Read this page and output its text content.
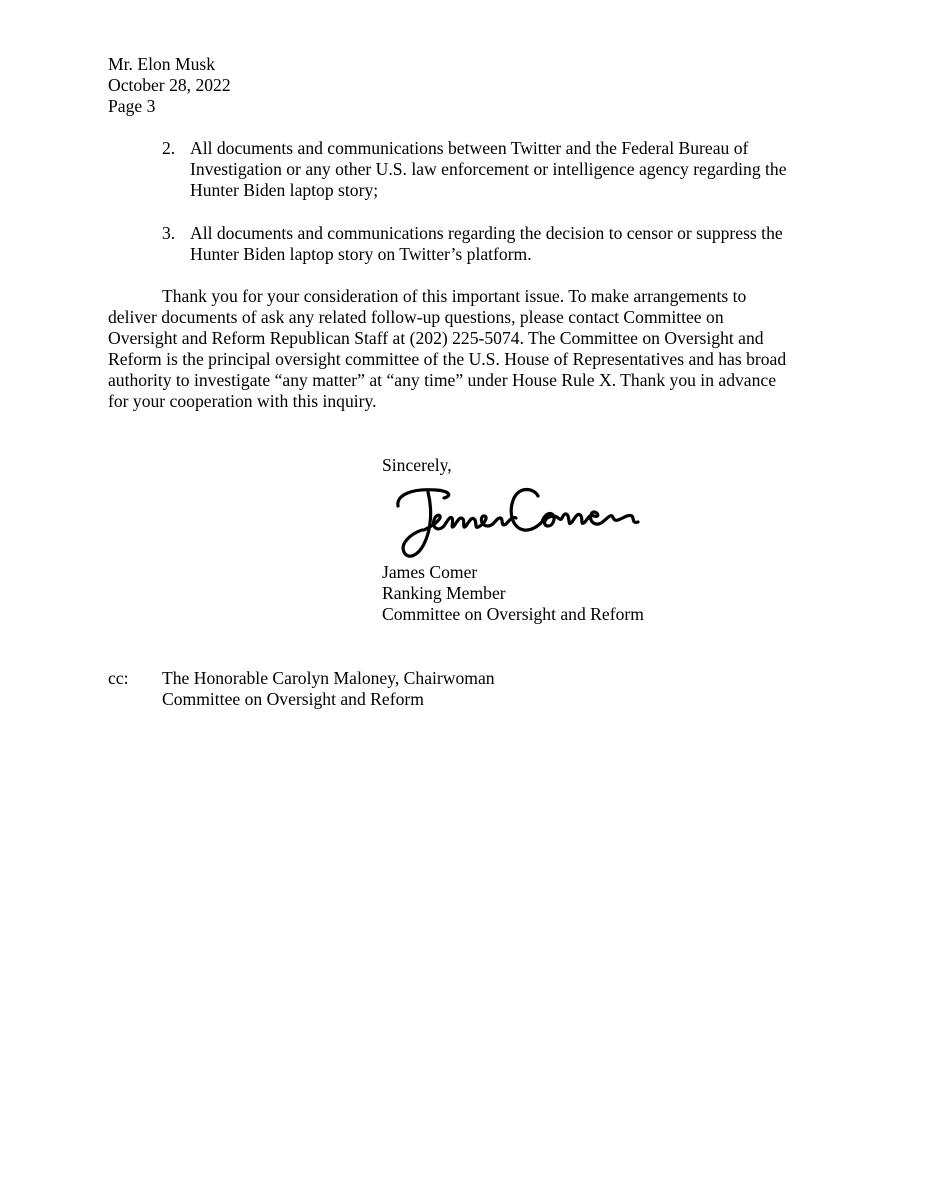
Mr. Elon Musk
October 28, 2022
Page 3
2. All documents and communications between Twitter and the Federal Bureau of
Investigation or any other U.S. law enforcement or intelligence agency regarding the
Hunter Biden laptop story;
3. All documents and communications regarding the decision to censor or suppress the
Hunter Biden laptop story on Twitter’s platform.
Thank you for your consideration of this important issue. To make arrangements to
deliver documents of ask any related follow-up questions, please contact Committee on
Oversight and Reform Republican Staff at (202) 225-5074. The Committee on Oversight and
Reform is the principal oversight committee of the U.S. House of Representatives and has broad
authority to investigate “any matter” at “any time” under House Rule X. Thank you in advance
for your cooperation with this inquiry.
Sincerely,
James Comer
Ranking Member
Committee on Oversight and Reform
cc: The Honorable Carolyn Maloney, Chairwoman
Committee on Oversight and Reform
